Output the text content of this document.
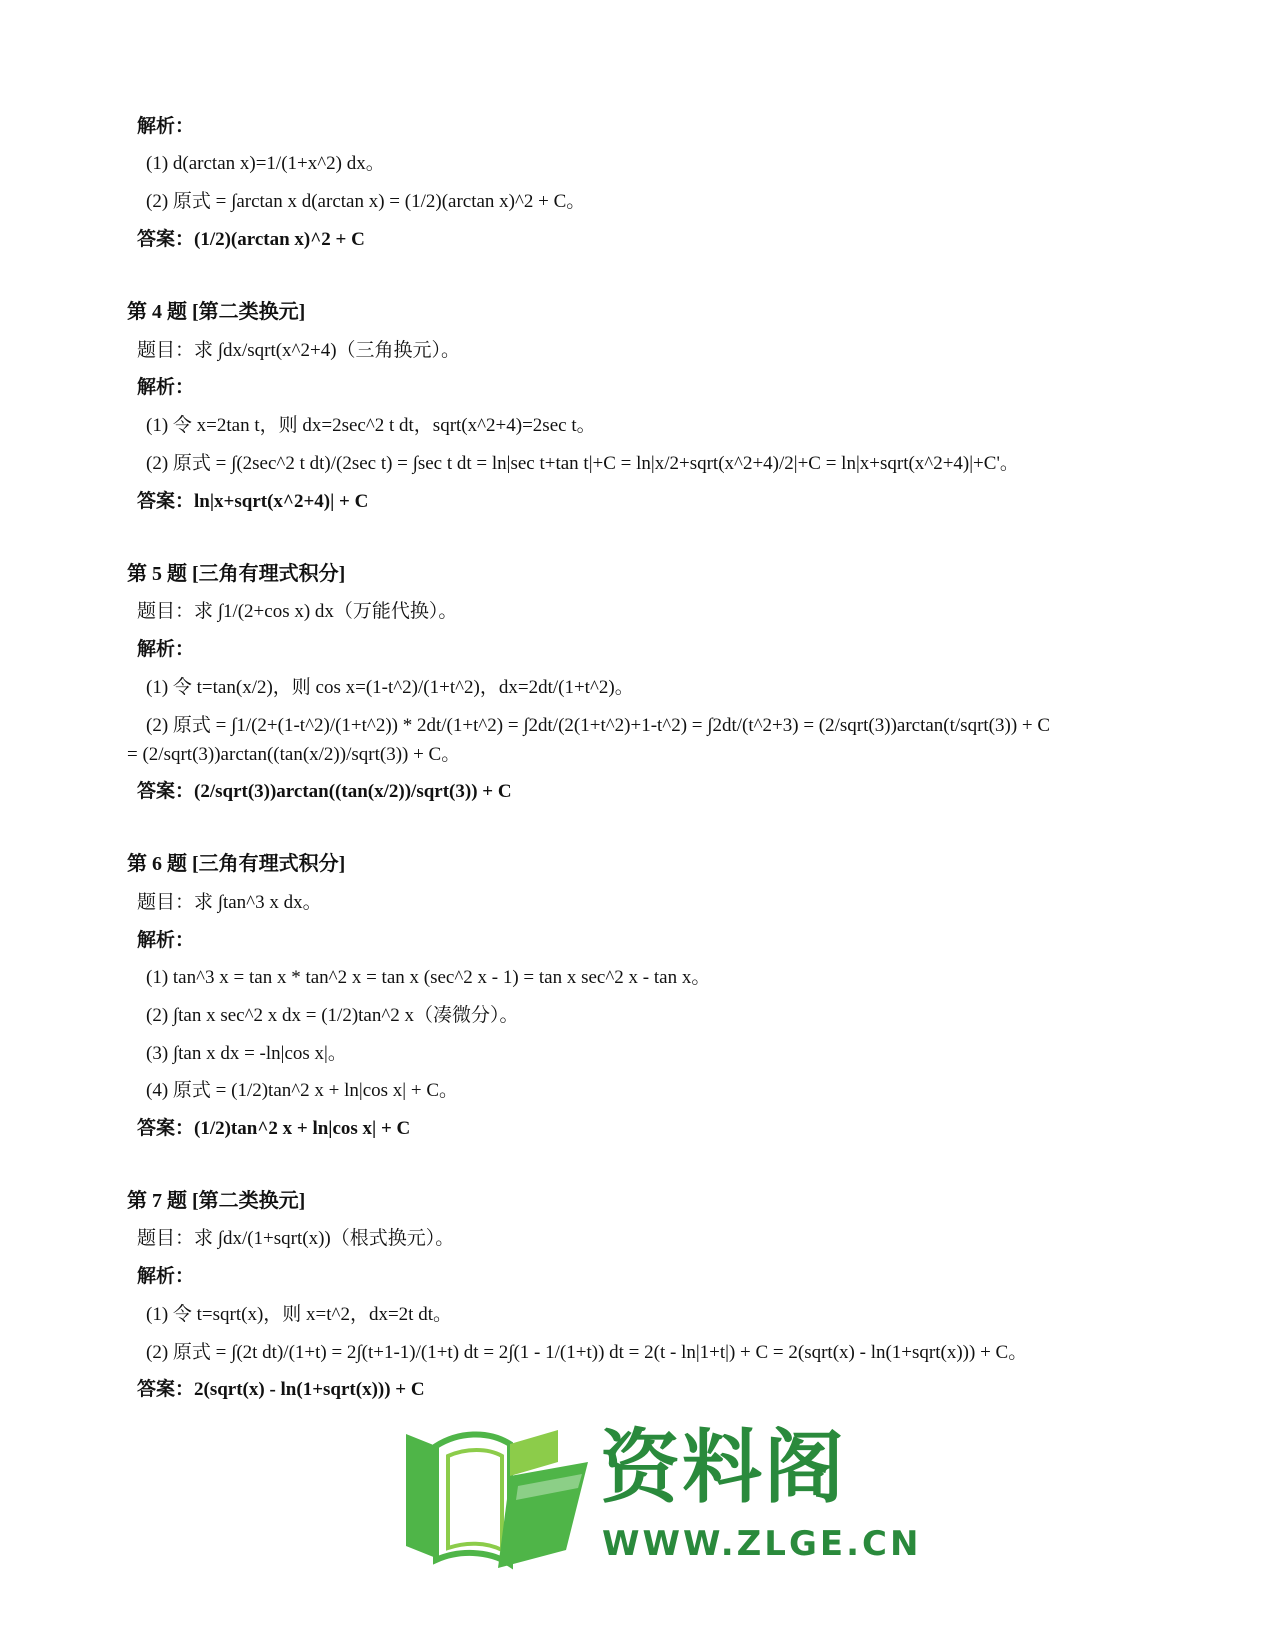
解析：
(1) d(arctan x)=1/(1+x^2) dx。
(2) 原式 = ∫arctan x d(arctan x) = (1/2)(arctan x)^2 + C。
答案：(1/2)(arctan x)^2 + C
第 4 题 [第二类换元]
题目：求 ∫dx/sqrt(x^2+4)（三角换元）。
解析：
(1) 令 x=2tan t，则 dx=2sec^2 t dt，sqrt(x^2+4)=2sec t。
(2) 原式 = ∫(2sec^2 t dt)/(2sec t) = ∫sec t dt = ln|sec t+tan t|+C = ln|x/2+sqrt(x^2+4)/2|+C = ln|x+sqrt(x^2+4)|+C'。
答案：ln|x+sqrt(x^2+4)| + C
第 5 题 [三角有理式积分]
题目：求 ∫1/(2+cos x) dx（万能代换）。
解析：
(1) 令 t=tan(x/2)，则 cos x=(1-t^2)/(1+t^2)，dx=2dt/(1+t^2)。
(2) 原式 = ∫1/(2+(1-t^2)/(1+t^2)) * 2dt/(1+t^2) = ∫2dt/(2(1+t^2)+1-t^2) = ∫2dt/(t^2+3) = (2/sqrt(3))arctan(t/sqrt(3)) + C
= (2/sqrt(3))arctan((tan(x/2))/sqrt(3)) + C。
答案：(2/sqrt(3))arctan((tan(x/2))/sqrt(3)) + C
第 6 题 [三角有理式积分]
题目：求 ∫tan^3 x dx。
解析：
(1) tan^3 x = tan x * tan^2 x = tan x (sec^2 x - 1) = tan x sec^2 x - tan x。
(2) ∫tan x sec^2 x dx = (1/2)tan^2 x（凑微分）。
(3) ∫tan x dx = -ln|cos x|。
(4) 原式 = (1/2)tan^2 x + ln|cos x| + C。
答案：(1/2)tan^2 x + ln|cos x| + C
第 7 题 [第二类换元]
题目：求 ∫dx/(1+sqrt(x))（根式换元）。
解析：
(1) 令 t=sqrt(x)，则 x=t^2，dx=2t dt。
(2) 原式 = ∫(2t dt)/(1+t) = 2∫(t+1-1)/(1+t) dt = 2∫(1 - 1/(1+t)) dt = 2(t - ln|1+t|) + C = 2(sqrt(x) - ln(1+sqrt(x))) + C。
答案：2(sqrt(x) - ln(1+sqrt(x))) + C
资料阁
WWW.ZLGE.CN
